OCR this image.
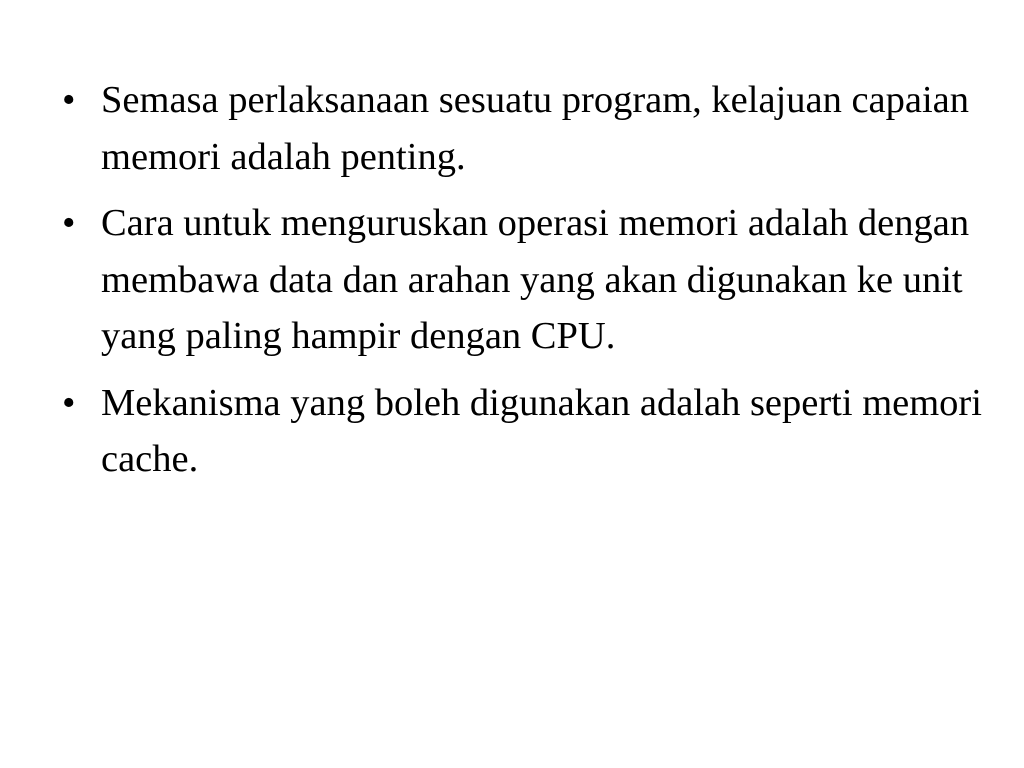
• Semasa perlaksanaan sesuatu program, kelajuan capaian memori adalah penting.
• Cara untuk menguruskan operasi memori adalah dengan membawa data dan arahan yang akan digunakan ke unit yang paling hampir dengan CPU.
• Mekanisma yang boleh digunakan adalah seperti memori cache.
